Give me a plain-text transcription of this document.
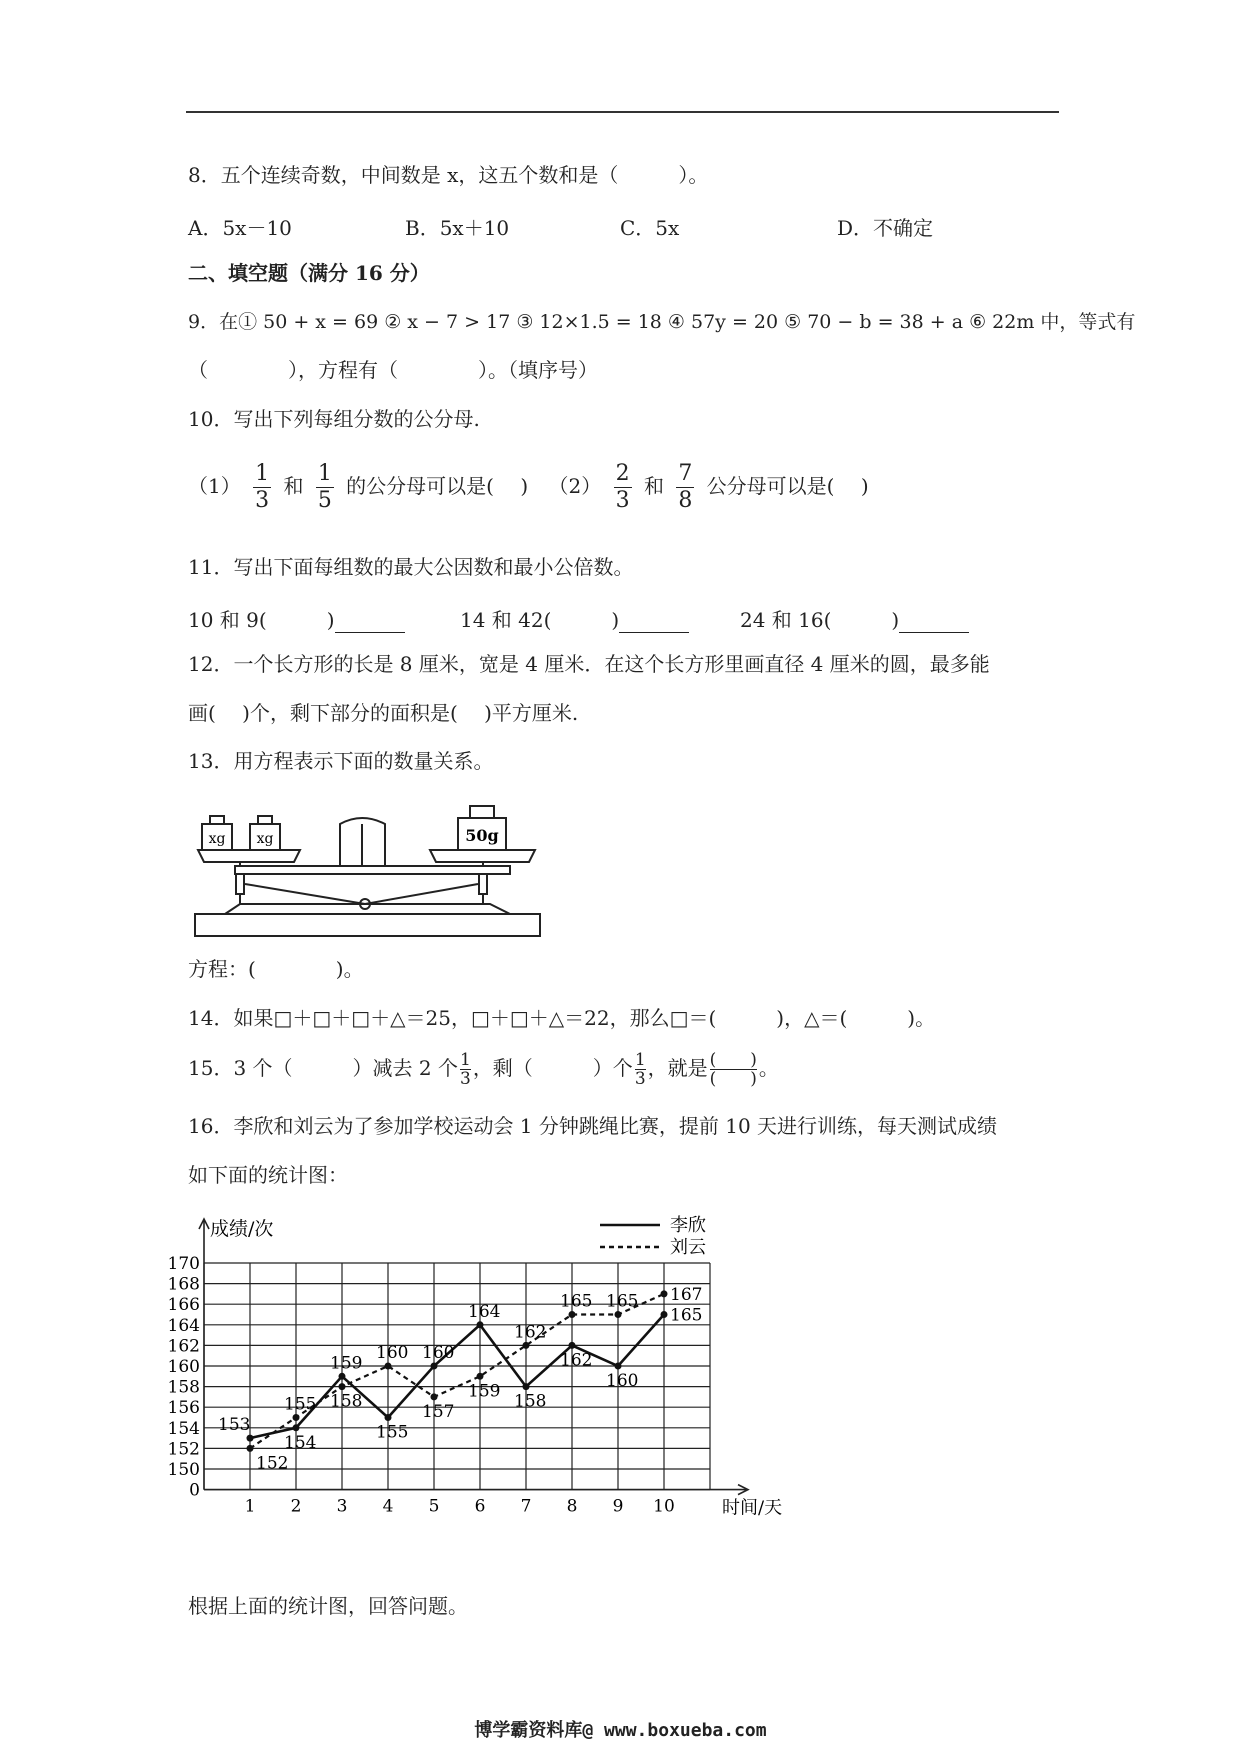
8．五个连续奇数，中间数是 x，这五个数和是（　　　）。
A．5x－10	B．5x＋10	C．5x	D．不确定
二、填空题（满分 16 分）
9．在① 50 + x = 69 ② x − 7 > 17 ③ 12×1.5 = 18 ④ 57y = 20 ⑤ 70 − b = 38 + a ⑥ 22m 中，等式有
（　　　　），方程有（　　　　）。（填序号）
10．写出下列每组分数的公分母.
$(1) \frac{1}{3}$ 和 $\frac{1}{5}$ 的公分母可以是(　 ) $(2) \frac{2}{3}$ 和 $\frac{7}{8}$ 公分母可以是(　 )
11．写出下面每组数的最大公因数和最小公倍数。
10 和 9(　　　)	14 和 42(　　　)	24 和 16(　　　)
12．一个长方形的长是 8 厘米，宽是 4 厘米．在这个长方形里画直径 4 厘米的圆，最多能
画(　 )个，剩下部分的面积是(　 )平方厘米.
13．用方程表示下面的数量关系。
xg xg	50g
方程：(　　　　)。
14．如果□＋□＋□＋△＝25，□＋□＋△＝22，那么□＝(　　　)，△＝(　　　)。
15．3 个（　　　）减去 2 个 $\frac{1}{3}$ ，剩（　　　）个 $\frac{1}{3}$ ，就是 (　　)
(　　) 。
16．李欣和刘云为了参加学校运动会 1 分钟跳绳比赛，提前 10 天进行训练，每天测试成绩
如下面的统计图：
成绩/次
时间/天
170
168
166
164
162
160
158
156
154
152
150
0
1 2 3 4 5 6 7 8 9 10
153
152
154
155
159
158
155
160 160
157
164
159
158
162
162
165
160
165
165
167
李欣
刘云
根据上面的统计图，回答问题。
博学霸资料库@ www.boxueba.com
